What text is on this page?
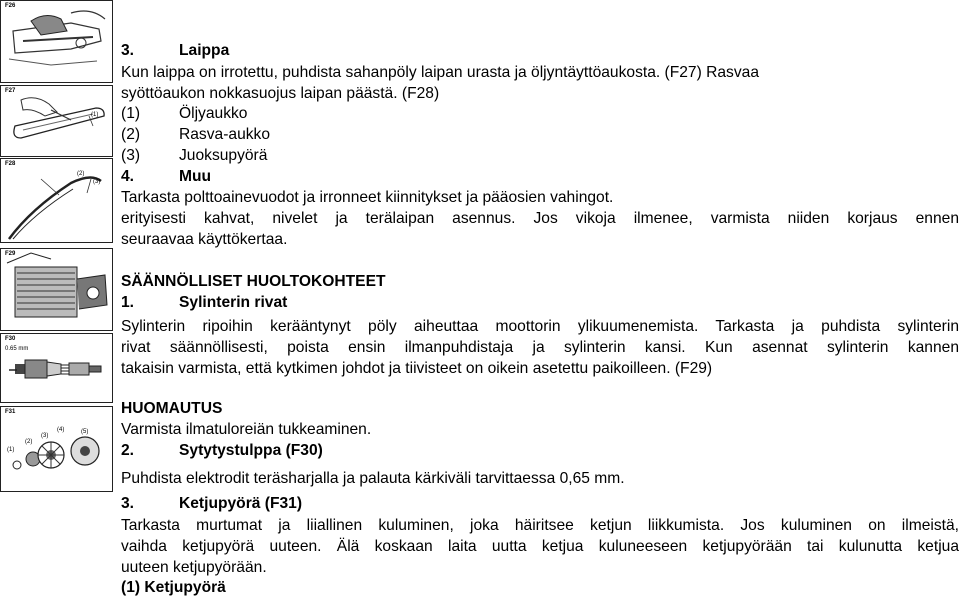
F26
F27
(1)
F28
(2)
(3)
F29
F30
0.65 mm
F31
(1)
(2)
(3)
(4)	(5)
3.	Laippa
Kun laippa on irrotettu, puhdista sahanpöly laipan urasta ja öljyntäyttöaukosta. (F27) Rasvaa
syöttöaukon nokkasuojus laipan päästä. (F28)
(1) Öljyaukko
(2) Rasva-aukko
(3) Juoksupyörä
4.	Muu
Tarkasta polttoainevuodot ja irronneet kiinnitykset ja pääosien vahingot.
erityisesti kahvat, nivelet ja terälaipan asennus. Jos vikoja ilmenee, varmista niiden korjaus ennen
seuraavaa käyttökertaa.
SÄÄNNÖLLISET HUOLTOKOHTEET
1.	Sylinterin rivat
Sylinterin ripoihin kerääntynyt pöly aiheuttaa moottorin ylikuumenemista. Tarkasta ja puhdista sylinterin
rivat säännöllisesti, poista ensin ilmanpuhdistaja ja sylinterin kansi. Kun asennat sylinterin kannen
takaisin varmista, että kytkimen johdot ja tiivisteet on oikein asetettu paikoilleen. (F29)
HUOMAUTUS
Varmista ilmatuloreiän tukkeaminen.
2.	Sytytystulppa (F30)
Puhdista elektrodit teräsharjalla ja palauta kärkiväli tarvittaessa 0,65 mm.
3.	Ketjupyörä (F31)
Tarkasta murtumat ja liiallinen kuluminen, joka häiritsee ketjun liikkumista. Jos kuluminen on ilmeistä,
vaihda ketjupyörä uuteen. Älä koskaan laita uutta ketjua kuluneeseen ketjupyörään tai kulunutta ketjua
uuteen ketjupyörään.
(1) Ketjupyörä
